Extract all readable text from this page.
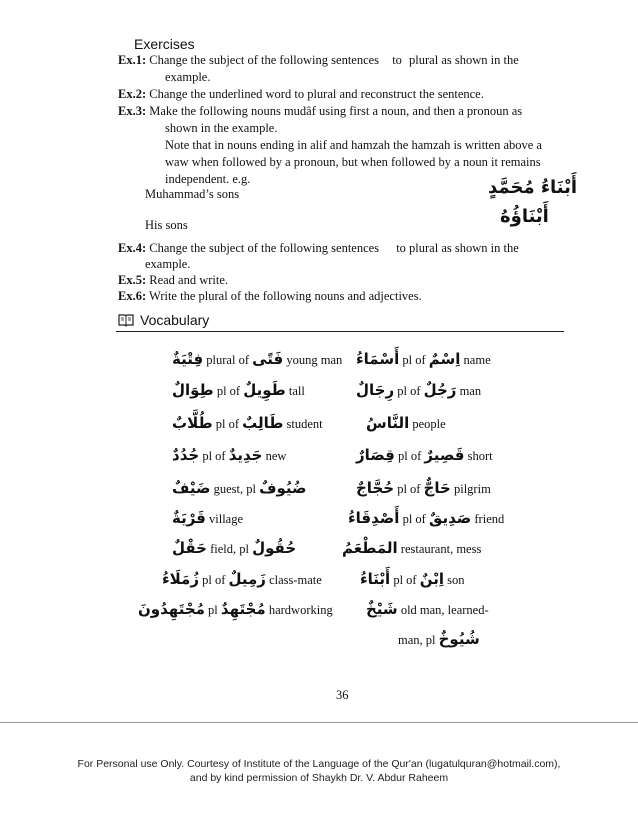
Exercises
Ex.1: Change the subject of the following sentences to plural as shown in the
example.
Ex.2: Change the underlined word to plural and reconstruct the sentence.
Ex.3: Make the following nouns mudâf using first a noun, and then a pronoun as
shown in the example.
Note that in nouns ending in alif and hamzah the hamzah is written above a
waw when followed by a pronoun, but when followed by a noun it remains
independent. e.g.
Muhammad’s sons	أَبْنَاءُ مُحَمَّدٍ
His sons	أَبْنَاؤُهُ
Ex.4: Change the subject of the following sentences to plural as shown in the
example.
Ex.5: Read and write.
Ex.6: Write the plural of the following nouns and adjectives.
Vocabulary
فِتْيَةٌ plural of فَتًى young man
طِوَالٌ pl of طَوِيلٌ tall
طُلَّابٌ pl of طَالِبٌ student
جُدُدٌ pl of جَدِيدٌ new
ضَيْفٌ guest, pl ضُيُوفٌ
قَرْيَةٌ village
حَقْلٌ field, pl حُقُولٌ
زُمَلَاءُ pl of زَمِيلٌ class-mate
مُجْتَهِدُونَ pl مُجْتَهِدٌ hardworking
أَسْمَاءُ pl of اِسْمٌ name
رِجَالٌ pl of رَجُلٌ man
النَّاسُ people
قِصَارٌ pl of قَصِيرٌ short
حُجَّاجٌ pl of حَاجٌّ pilgrim
أَصْدِقَاءُ pl of صَدِيقٌ friend
المَطْعَمُ restaurant, mess
أَبْنَاءُ pl of اِبْنٌ son
شَيْخٌ old man, learned-
man, pl شُيُوخٌ
36
For Personal use Only. Courtesy of Institute of the Language of the Qur'an (lugatulquran@hotmail.com),
and by kind permission of Shaykh Dr. V. Abdur Raheem
